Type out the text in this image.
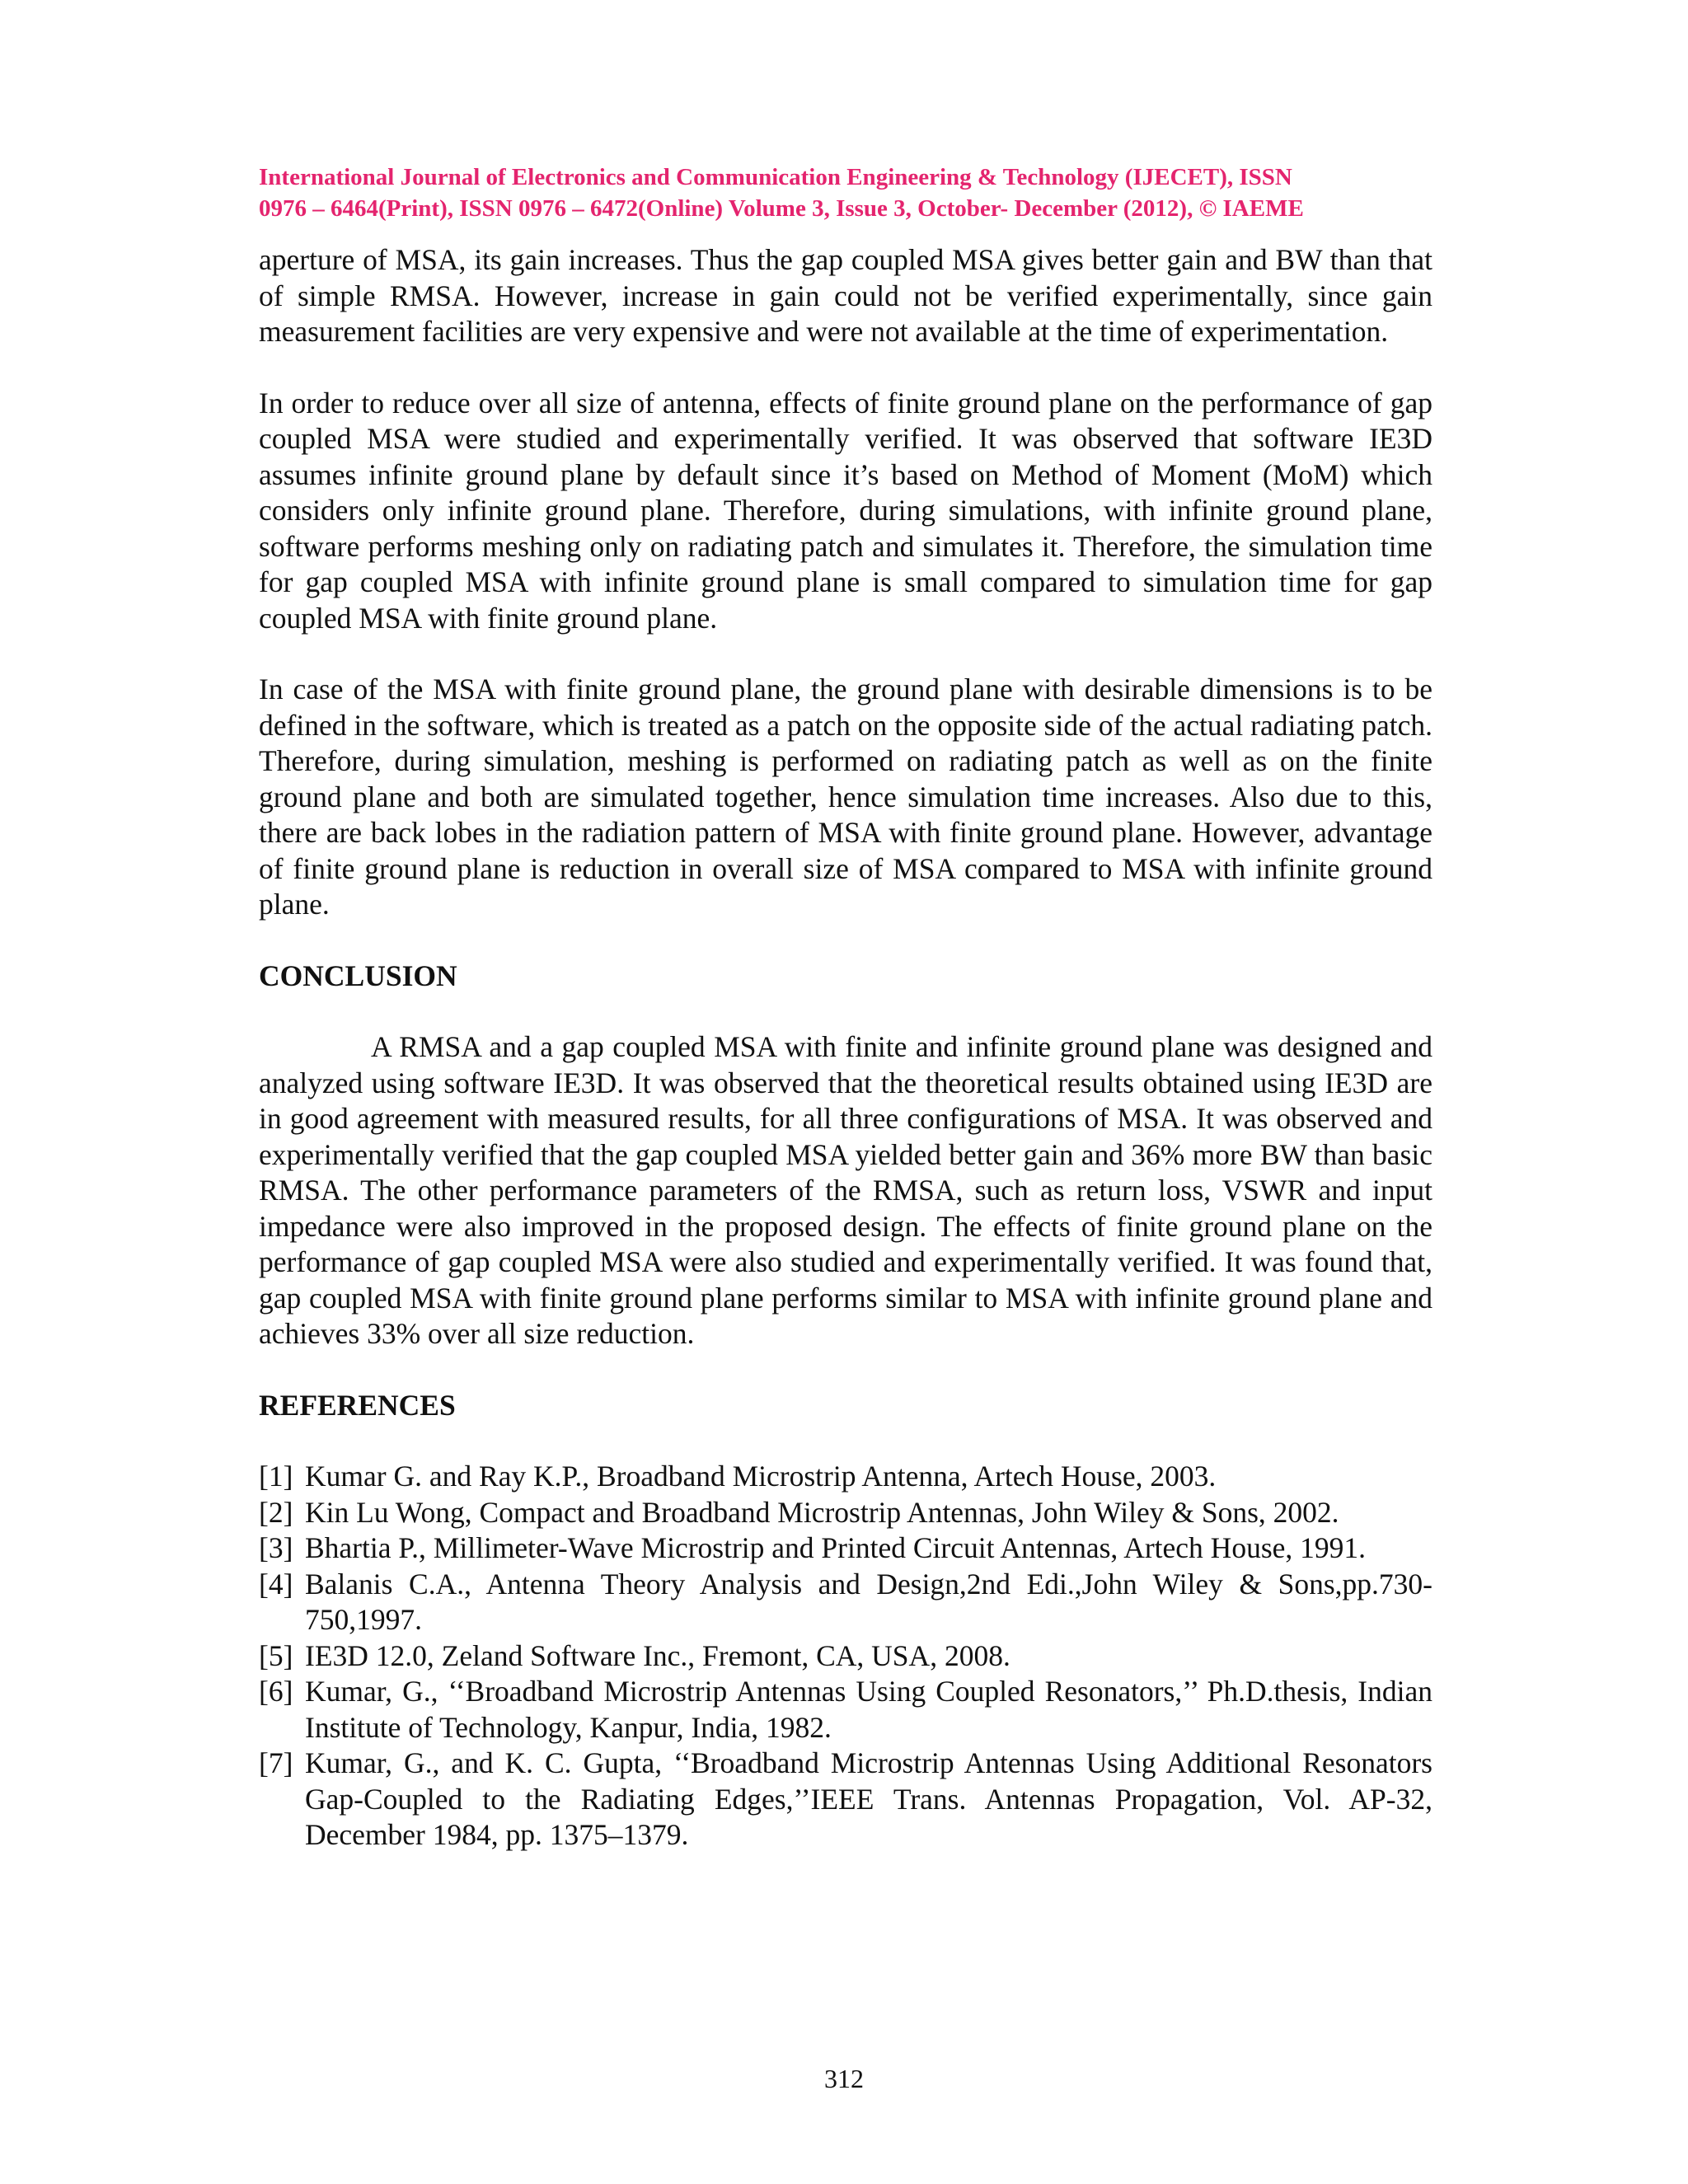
International Journal of Electronics and Communication Engineering & Technology (IJECET), ISSN
0976 – 6464(Print), ISSN 0976 – 6472(Online) Volume 3, Issue 3, October- December (2012), © IAEME

aperture of MSA, its gain increases. Thus the gap coupled MSA gives better gain and BW than that of simple RMSA. However, increase in gain could not be verified experimentally, since gain measurement facilities are very expensive and were not available at the time of experimentation.

In order to reduce over all size of antenna, effects of finite ground plane on the performance of gap coupled MSA were studied and experimentally verified. It was observed that software IE3D assumes infinite ground plane by default since it’s based on Method of Moment (MoM) which considers only infinite ground plane. Therefore, during simulations, with infinite ground plane, software performs meshing only on radiating patch and simulates it. Therefore, the simulation time for gap coupled MSA with infinite ground plane is small compared to simulation time for gap coupled MSA with finite ground plane.

In case of the MSA with finite ground plane, the ground plane with desirable dimensions is to be defined in the software, which is treated as a patch on the opposite side of the actual radiating patch. Therefore, during simulation, meshing is performed on radiating patch as well as on the finite ground plane and both are simulated together, hence simulation time increases. Also due to this, there are back lobes in the radiation pattern of MSA with finite ground plane. However, advantage of finite ground plane is reduction in overall size of MSA compared to MSA with infinite ground plane.

CONCLUSION

A RMSA and a gap coupled MSA with finite and infinite ground plane was designed and analyzed using software IE3D. It was observed that the theoretical results obtained using IE3D are in good agreement with measured results, for all three configurations of MSA. It was observed and experimentally verified that the gap coupled MSA yielded better gain and 36% more BW than basic RMSA. The other performance parameters of the RMSA, such as return loss, VSWR and input impedance were also improved in the proposed design. The effects of finite ground plane on the performance of gap coupled MSA were also studied and experimentally verified. It was found that, gap coupled MSA with finite ground plane performs similar to MSA with infinite ground plane and achieves 33% over all size reduction.

REFERENCES
[1] Kumar G. and Ray K.P., Broadband Microstrip Antenna, Artech House, 2003.
[2] Kin Lu Wong, Compact and Broadband Microstrip Antennas, John Wiley & Sons, 2002.
[3] Bhartia P., Millimeter-Wave Microstrip and Printed Circuit Antennas, Artech House, 1991.
[4] Balanis C.A., Antenna Theory Analysis and Design,2nd Edi.,John Wiley & Sons,pp.730-750,1997.
[5] IE3D 12.0, Zeland Software Inc., Fremont, CA, USA, 2008.
[6] Kumar, G., ‘‘Broadband Microstrip Antennas Using Coupled Resonators,’’ Ph.D.thesis, Indian Institute of Technology, Kanpur, India, 1982.
[7] Kumar, G., and K. C. Gupta, ‘‘Broadband Microstrip Antennas Using Additional Resonators Gap-Coupled to the Radiating Edges,’’IEEE Trans. Antennas Propagation, Vol. AP-32, December 1984, pp. 1375–1379.
312
